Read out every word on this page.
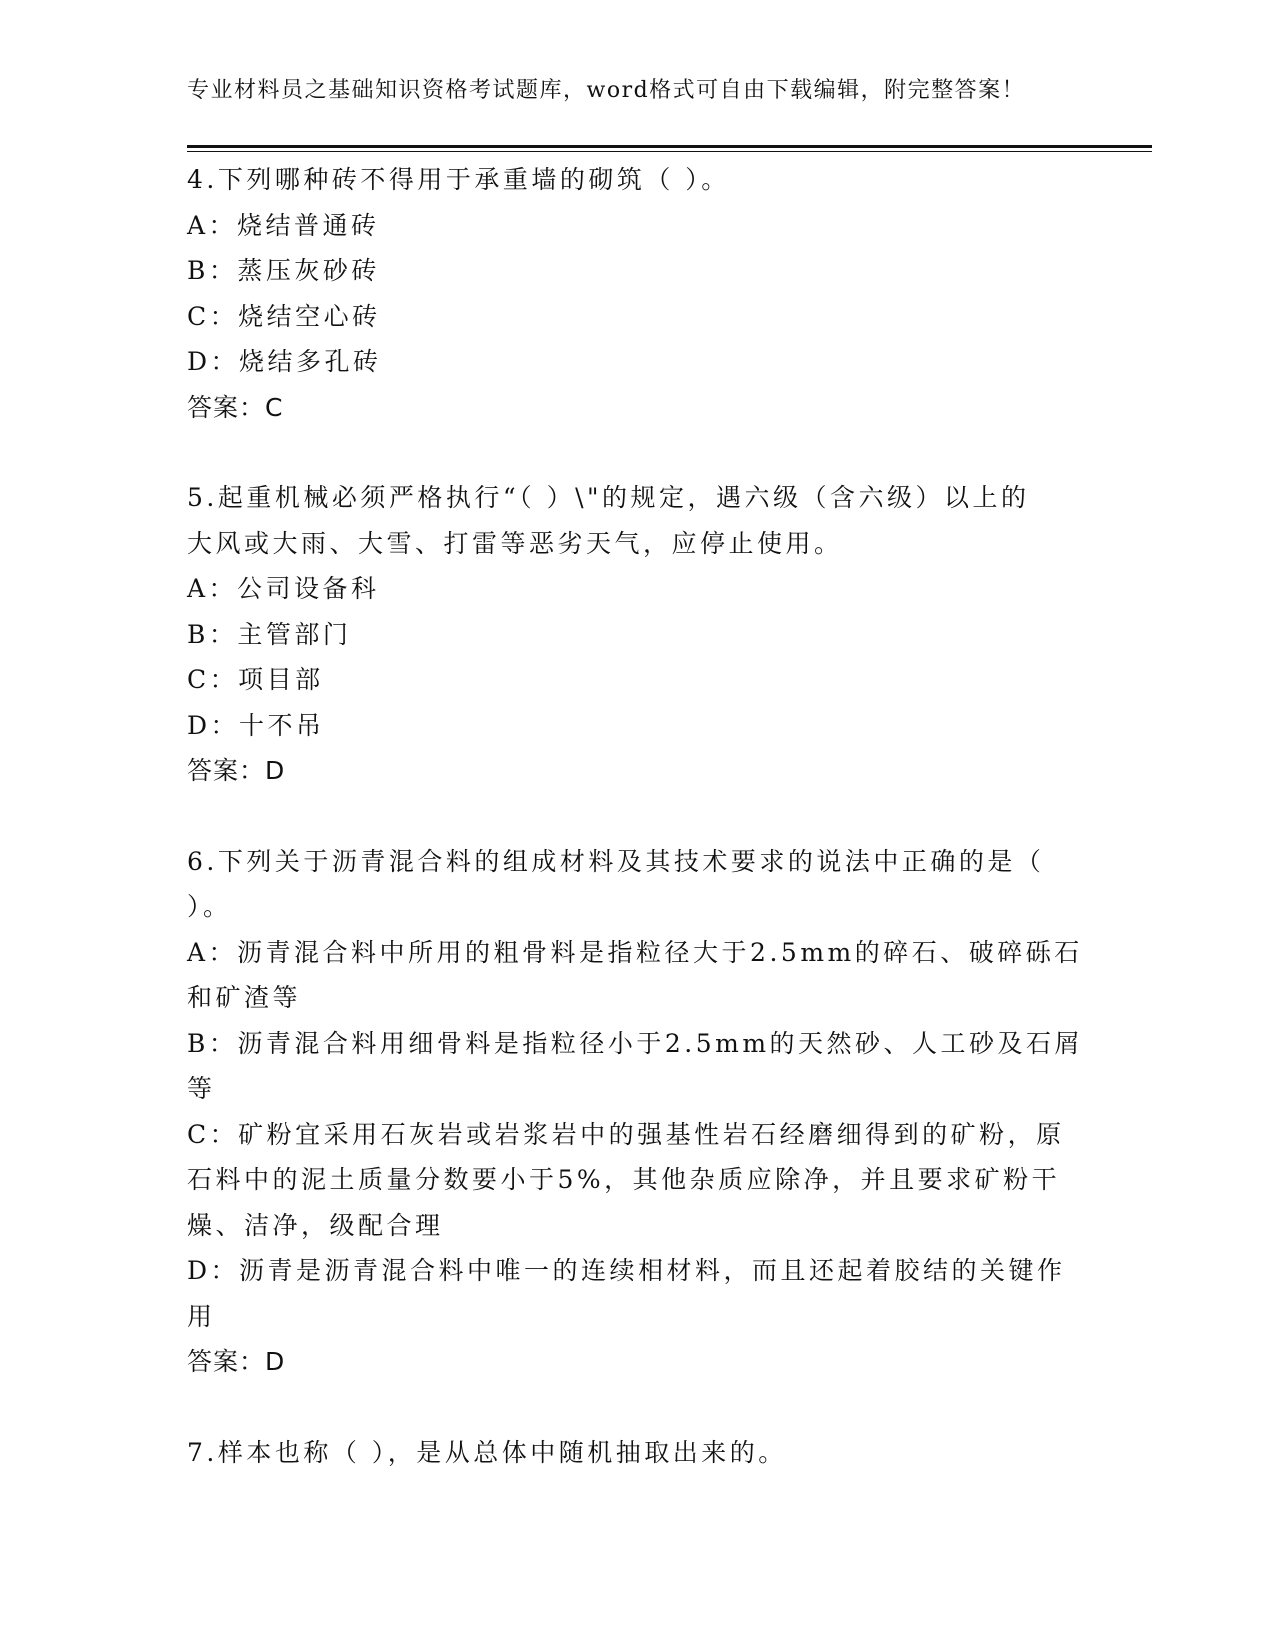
专业材料员之基础知识资格考试题库，word格式可自由下载编辑，附完整答案！
4.下列哪种砖不得用于承重墙的砌筑（ ）。
A：烧结普通砖
B：蒸压灰砂砖
C：烧结空心砖
D：烧结多孔砖
答案：C
5.起重机械必须严格执行“（ ）\"的规定，遇六级（含六级）以上的
大风或大雨、大雪、打雷等恶劣天气，应停止使用。
A：公司设备科
B：主管部门
C：项目部
D：十不吊
答案：D
6.下列关于沥青混合料的组成材料及其技术要求的说法中正确的是（
）。
A：沥青混合料中所用的粗骨料是指粒径大于2.5mm的碎石、破碎砾石
和矿渣等
B：沥青混合料用细骨料是指粒径小于2.5mm的天然砂、人工砂及石屑
等
C：矿粉宜采用石灰岩或岩浆岩中的强基性岩石经磨细得到的矿粉，原
石料中的泥土质量分数要小于5%，其他杂质应除净，并且要求矿粉干
燥、洁净，级配合理
D：沥青是沥青混合料中唯一的连续相材料，而且还起着胶结的关键作
用
答案：D
7.样本也称（ ），是从总体中随机抽取出来的。
